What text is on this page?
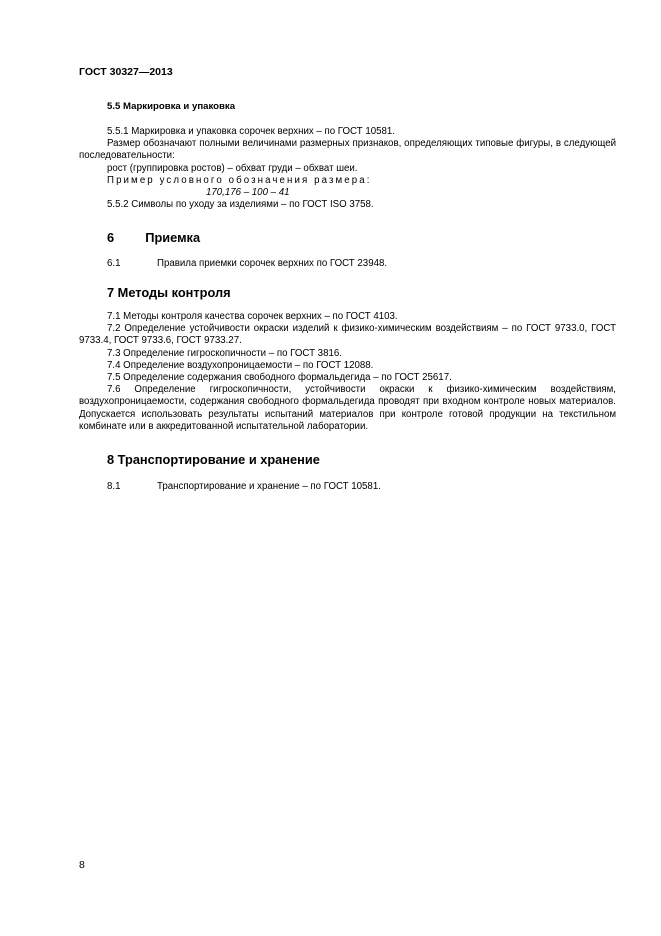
ГОСТ 30327—2013
5.5 Маркировка и упаковка

5.5.1 Маркировка и упаковка сорочек верхних – по ГОСТ 10581.

Размер обозначают полными величинами размерных признаков, определяющих типовые фигуры, в следующей последовательности:

рост (группировка ростов) – обхват груди – обхват шеи.

Пример условного обозначения размера:

170,176 – 100 – 41

5.5.2 Символы по уходу за изделиями – по ГОСТ ISO 3758.

6 Приемка
6.1	Правила приемки сорочек верхних по ГОСТ 23948.
7 Методы контроля

7.1 Методы контроля качества сорочек верхних – по ГОСТ 4103.

7.2 Определение устойчивости окраски изделий к физико-химическим воздействиям – по ГОСТ 9733.0, ГОСТ 9733.4, ГОСТ 9733.6, ГОСТ 9733.27.

7.3 Определение гигроскопичности – по ГОСТ 3816.

7.4 Определение воздухопроницаемости – по ГОСТ 12088.

7.5 Определение содержания свободного формальдегида – по ГОСТ 25617.

7.6 Определение гигроскопичности, устойчивости окраски к физико-химическим воздействиям, воздухопроницаемости, содержания свободного формальдегида проводят при входном контроле новых материалов. Допускается использовать результаты испытаний материалов при контроле готовой продукции на текстильном комбинате или в аккредитованной испытательной лаборатории.

8 Транспортирование и хранение
8.1	Транспортирование и хранение – по ГОСТ 10581.
8
